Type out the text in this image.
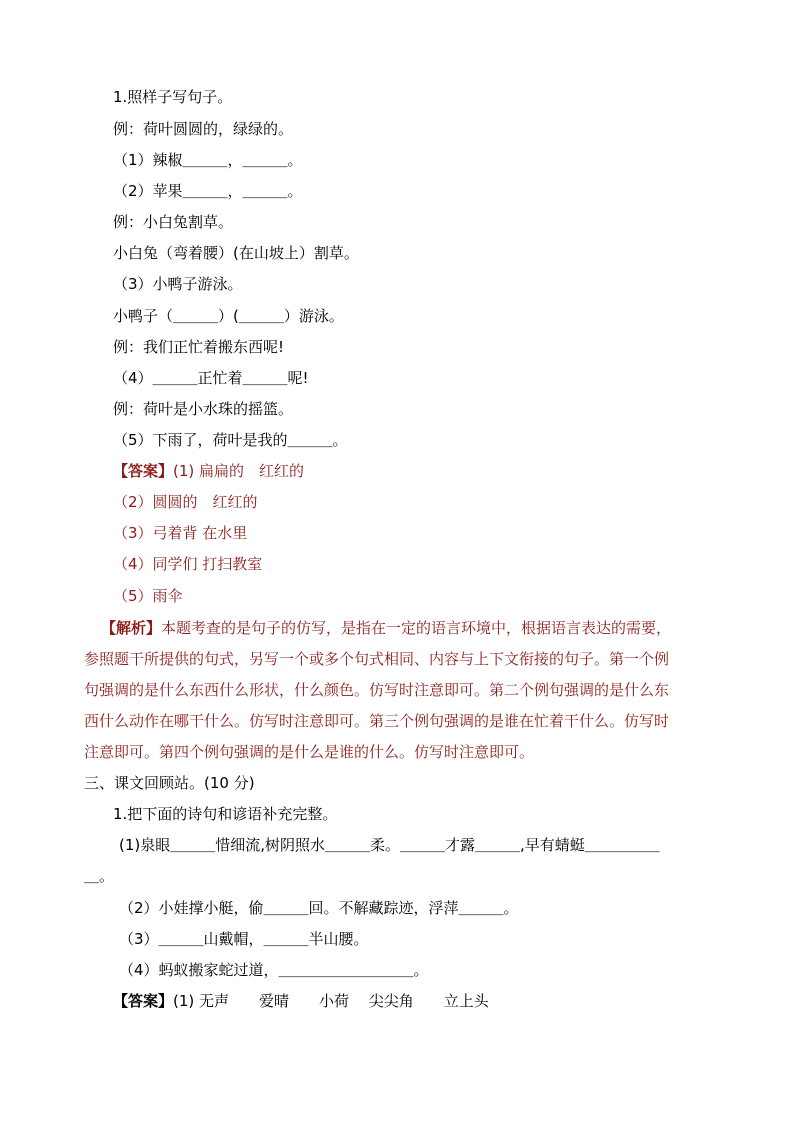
1.照样子写句子。
例：荷叶圆圆的，绿绿的。
（1）辣椒＿＿＿，＿＿＿。
（2）苹果＿＿＿，＿＿＿。
例：小白兔割草。
小白兔（弯着腰）(在山坡上）割草。
（3）小鸭子游泳。
小鸭子（＿＿＿）(＿＿＿）游泳。
例：我们正忙着搬东西呢!
（4）＿＿＿正忙着＿＿＿呢!
例：荷叶是小水珠的摇篮。
（5）下雨了，荷叶是我的＿＿＿。
【答案】(1) 扁扁的　红红的
（2）圆圆的　红红的
（3）弓着背 在水里
（4）同学们 打扫教室
（5）雨伞
【解析】本题考查的是句子的仿写，是指在一定的语言环境中，根据语言表达的需要，
参照题干所提供的句式，另写一个或多个句式相同、内容与上下文衔接的句子。第一个例
句强调的是什么东西什么形状，什么颜色。仿写时注意即可。第二个例句强调的是什么东
西什么动作在哪干什么。仿写时注意即可。第三个例句强调的是谁在忙着干什么。仿写时
注意即可。第四个例句强调的是什么是谁的什么。仿写时注意即可。
三、课文回顾站。(10 分)
1.把下面的诗句和谚语补充完整。
(1)泉眼＿＿＿惜细流,树阴照水＿＿＿柔。＿＿＿才露＿＿＿,早有蜻蜓＿＿＿＿＿
＿。
（2）小娃撑小艇，偷＿＿＿回。不解藏踪迹，浮萍＿＿＿。
（3）＿＿＿山戴帽，＿＿＿半山腰。
（4）蚂蚁搬家蛇过道，＿＿＿＿＿＿＿＿＿。
【答案】(1) 无声　　爱晴　　小荷　 尖尖角　　立上头
